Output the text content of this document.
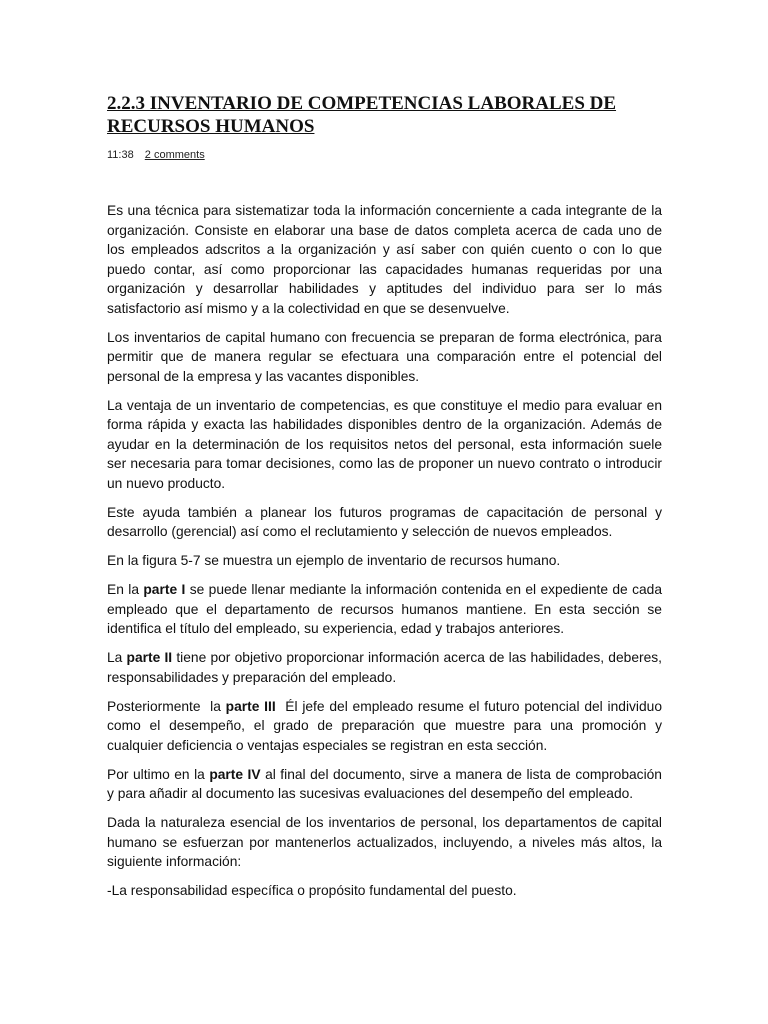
2.2.3 INVENTARIO DE COMPETENCIAS LABORALES DE
RECURSOS HUMANOS
11:38 2 comments

Es una técnica para sistematizar toda la información concerniente a cada integrante de la organización. Consiste en elaborar una base de datos completa acerca de cada uno de los empleados adscritos a la organización y así saber con quién cuento o con lo que puedo contar, así como proporcionar las capacidades humanas requeridas por una organización y desarrollar habilidades y aptitudes del individuo para ser lo más satisfactorio así mismo y a la colectividad en que se desenvuelve.

Los inventarios de capital humano con frecuencia se preparan de forma electrónica, para permitir que de manera regular se efectuara una comparación entre el potencial del personal de la empresa y las vacantes disponibles.

La ventaja de un inventario de competencias, es que constituye el medio para evaluar en forma rápida y exacta las habilidades disponibles dentro de la organización. Además de ayudar en la determinación de los requisitos netos del personal, esta información suele ser necesaria para tomar decisiones, como las de proponer un nuevo contrato o introducir un nuevo producto.

Este ayuda también a planear los futuros programas de capacitación de personal y desarrollo (gerencial) así como el reclutamiento y selección de nuevos empleados.

En la figura 5-7 se muestra un ejemplo de inventario de recursos humano.

En la parte I se puede llenar mediante la información contenida en el expediente de cada empleado que el departamento de recursos humanos mantiene. En esta sección se identifica el título del empleado, su experiencia, edad y trabajos anteriores.

La parte II tiene por objetivo proporcionar información acerca de las habilidades, deberes, responsabilidades y preparación del empleado.

Posteriormente  la parte III  Él jefe del empleado resume el futuro potencial del individuo como el desempeño, el grado de preparación que muestre para una promoción y cualquier deficiencia o ventajas especiales se registran en esta sección.

Por ultimo en la parte IV al final del documento, sirve a manera de lista de comprobación y para añadir al documento las sucesivas evaluaciones del desempeño del empleado.

Dada la naturaleza esencial de los inventarios de personal, los departamentos de capital humano se esfuerzan por mantenerlos actualizados, incluyendo, a niveles más altos, la siguiente información:

-La responsabilidad específica o propósito fundamental del puesto.
